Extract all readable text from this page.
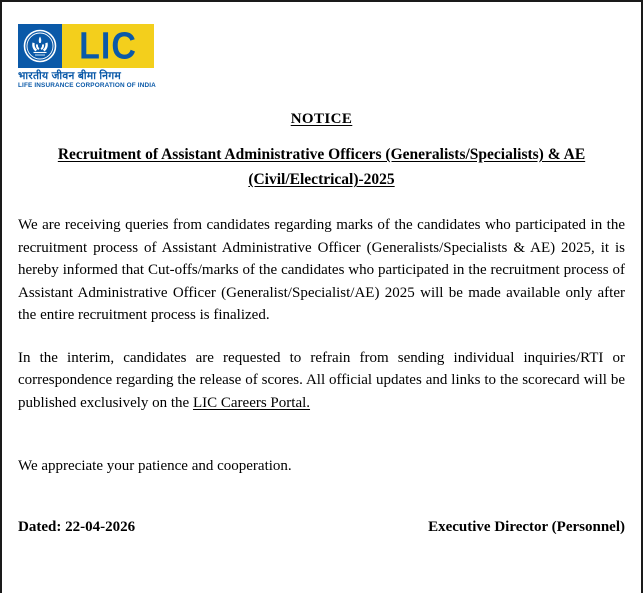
LIC
भारतीय जीवन बीमा निगम
LIFE INSURANCE CORPORATION OF INDIA
NOTICE
Recruitment of Assistant Administrative Officers (Generalists/Specialists) & AE
(Civil/Electrical)-2025

We are receiving queries from candidates regarding marks of the candidates who participated in the recruitment process of Assistant Administrative Officer (Generalists/Specialists & AE) 2025, it is hereby informed that Cut-offs/marks of the candidates who participated in the recruitment process of Assistant Administrative Officer (Generalist/Specialist/AE) 2025 will be made available only after the entire recruitment process is finalized.

In the interim, candidates are requested to refrain from sending individual inquiries/RTI or correspondence regarding the release of scores. All official updates and links to the scorecard will be published exclusively on the LIC Careers Portal.

We appreciate your patience and cooperation.
Dated: 22-04-2026	Executive Director (Personnel)
